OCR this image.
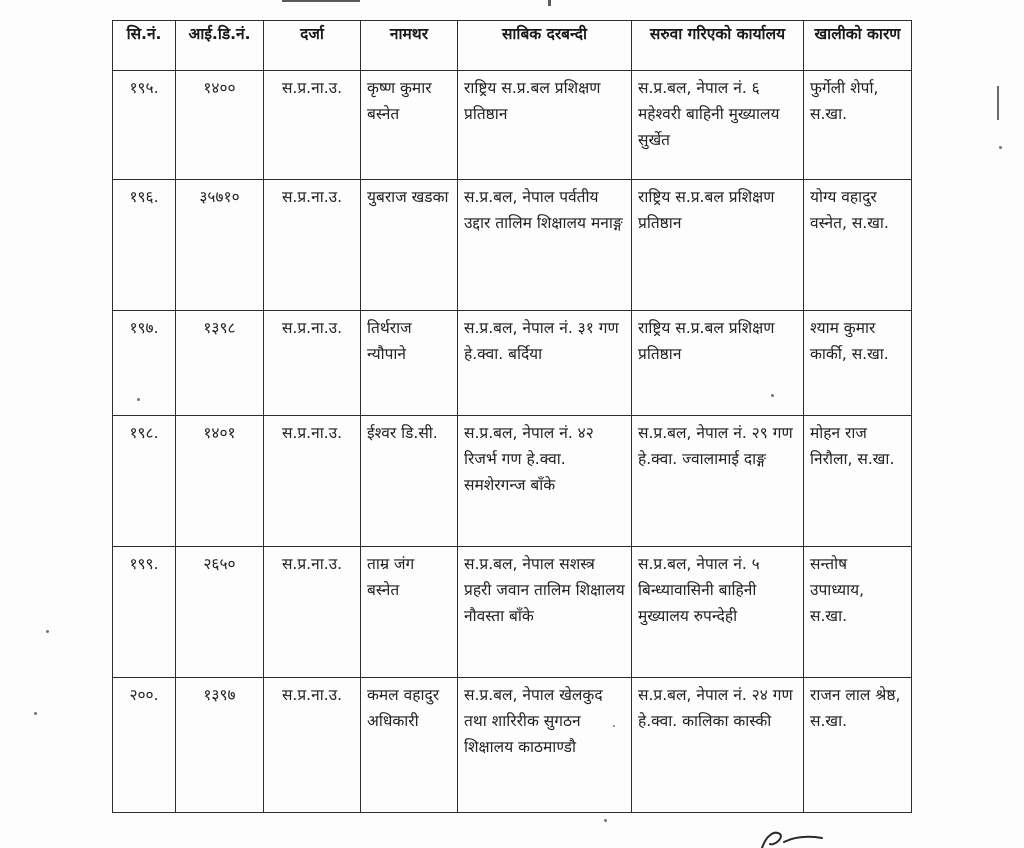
सि.नं.	आई.डि.नं.	दर्जा	नामथर	साबिक दरबन्दी	सरुवा गरिएको कार्यालय	खालीको कारण
१९५.	१४००	स.प्र.ना.उ.	कृष्ण कुमार बस्नेत	राष्ट्रिय स.प्र.बल प्रशिक्षण प्रतिष्ठान	स.प्र.बल, नेपाल नं. ६ महेश्वरी बाहिनी मुख्यालय सुर्खेत	फुर्गेली शेर्पा, स.खा.
१९६.	३५७१०	स.प्र.ना.उ.	युबराज खडका	स.प्र.बल, नेपाल पर्वतीय उद्दार तालिम शिक्षालय मनाङ्ग	राष्ट्रिय स.प्र.बल प्रशिक्षण प्रतिष्ठान	योग्य वहादुर वस्नेत, स.खा.
१९७.	१३९८	स.प्र.ना.उ.	तिर्थराज न्यौपाने	स.प्र.बल, नेपाल नं. ३१ गण हे.क्वा. बर्दिया	राष्ट्रिय स.प्र.बल प्रशिक्षण प्रतिष्ठान	श्याम कुमार कार्की, स.खा.
१९८.	१४०१	स.प्र.ना.उ.	ईश्वर डि.सी.	स.प्र.बल, नेपाल नं. ४२ रिजर्भ गण हे.क्वा. समशेरगन्ज बाँके	स.प्र.बल, नेपाल नं. २९ गण हे.क्वा. ज्वालामाई दाङ्ग	मोहन राज निरौला, स.खा.
१९९.	२६५०	स.प्र.ना.उ.	ताम्र जंग बस्नेत	स.प्र.बल, नेपाल सशस्त्र प्रहरी जवान तालिम शिक्षालय नौवस्ता बाँके	स.प्र.बल, नेपाल नं. ५ बिन्ध्यावासिनी बाहिनी मुख्यालय रुपन्देही	सन्तोष उपाध्याय, स.खा.
२००.	१३९७	स.प्र.ना.उ.	कमल वहादुर अधिकारी	स.प्र.बल, नेपाल खेलकुद तथा शारिरीक सुगठन शिक्षालय काठमाण्डौ	स.प्र.बल, नेपाल नं. २४ गण हे.क्वा. कालिका कास्की	राजन लाल श्रेष्ठ, स.खा.
